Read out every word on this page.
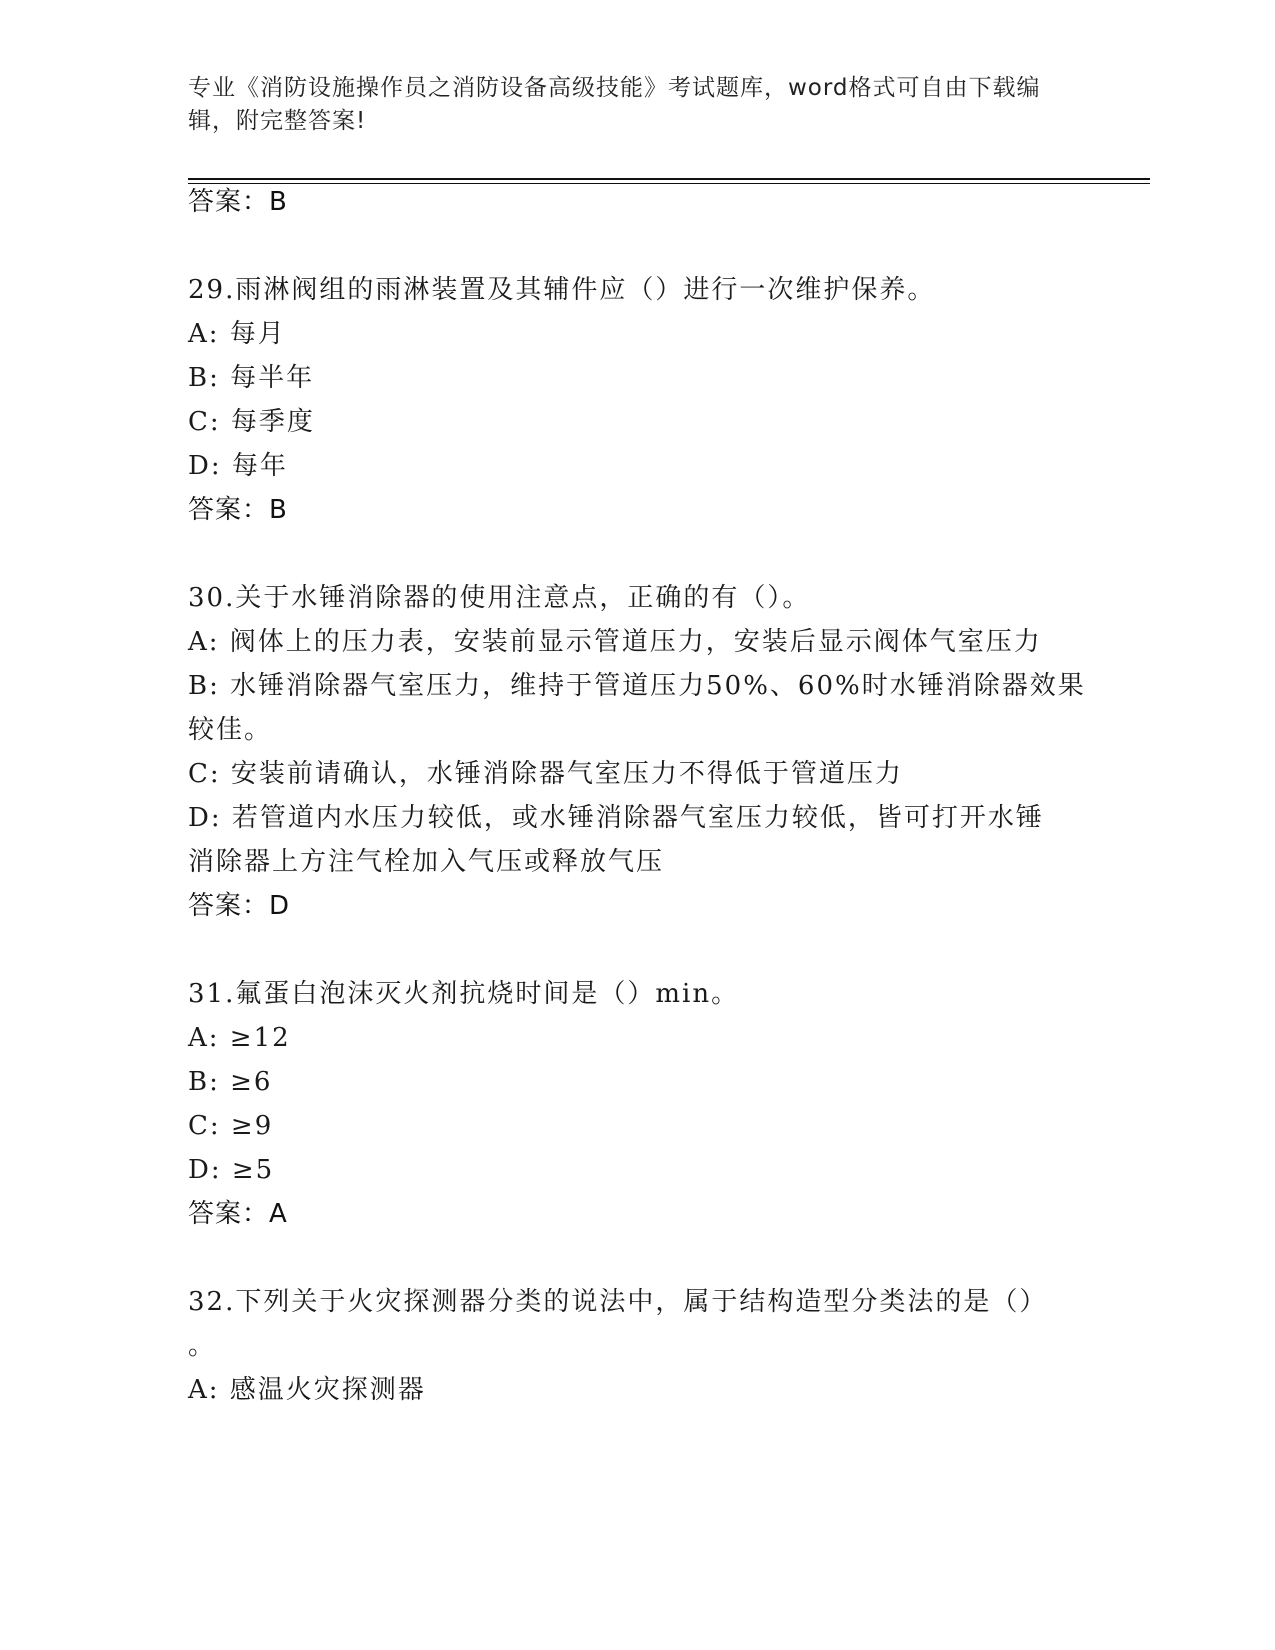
专业《消防设施操作员之消防设备高级技能》考试题库，word格式可自由下载编
辑，附完整答案!
答案：B
29.雨淋阀组的雨淋装置及其辅件应（）进行一次维护保养。
A: 每月
B: 每半年
C: 每季度
D: 每年
答案：B
30.关于水锤消除器的使用注意点，正确的有（）。
A: 阀体上的压力表，安装前显示管道压力，安装后显示阀体气室压力
B: 水锤消除器气室压力，维持于管道压力50%、60%时水锤消除器效果
较佳。
C: 安装前请确认，水锤消除器气室压力不得低于管道压力
D: 若管道内水压力较低，或水锤消除器气室压力较低，皆可打开水锤
消除器上方注气栓加入气压或释放气压
答案：D
31.氟蛋白泡沫灭火剂抗烧时间是（）min。
A: ≥12
B: ≥6
C: ≥9
D: ≥5
答案：A
32.下列关于火灾探测器分类的说法中，属于结构造型分类法的是（）
。
A: 感温火灾探测器
